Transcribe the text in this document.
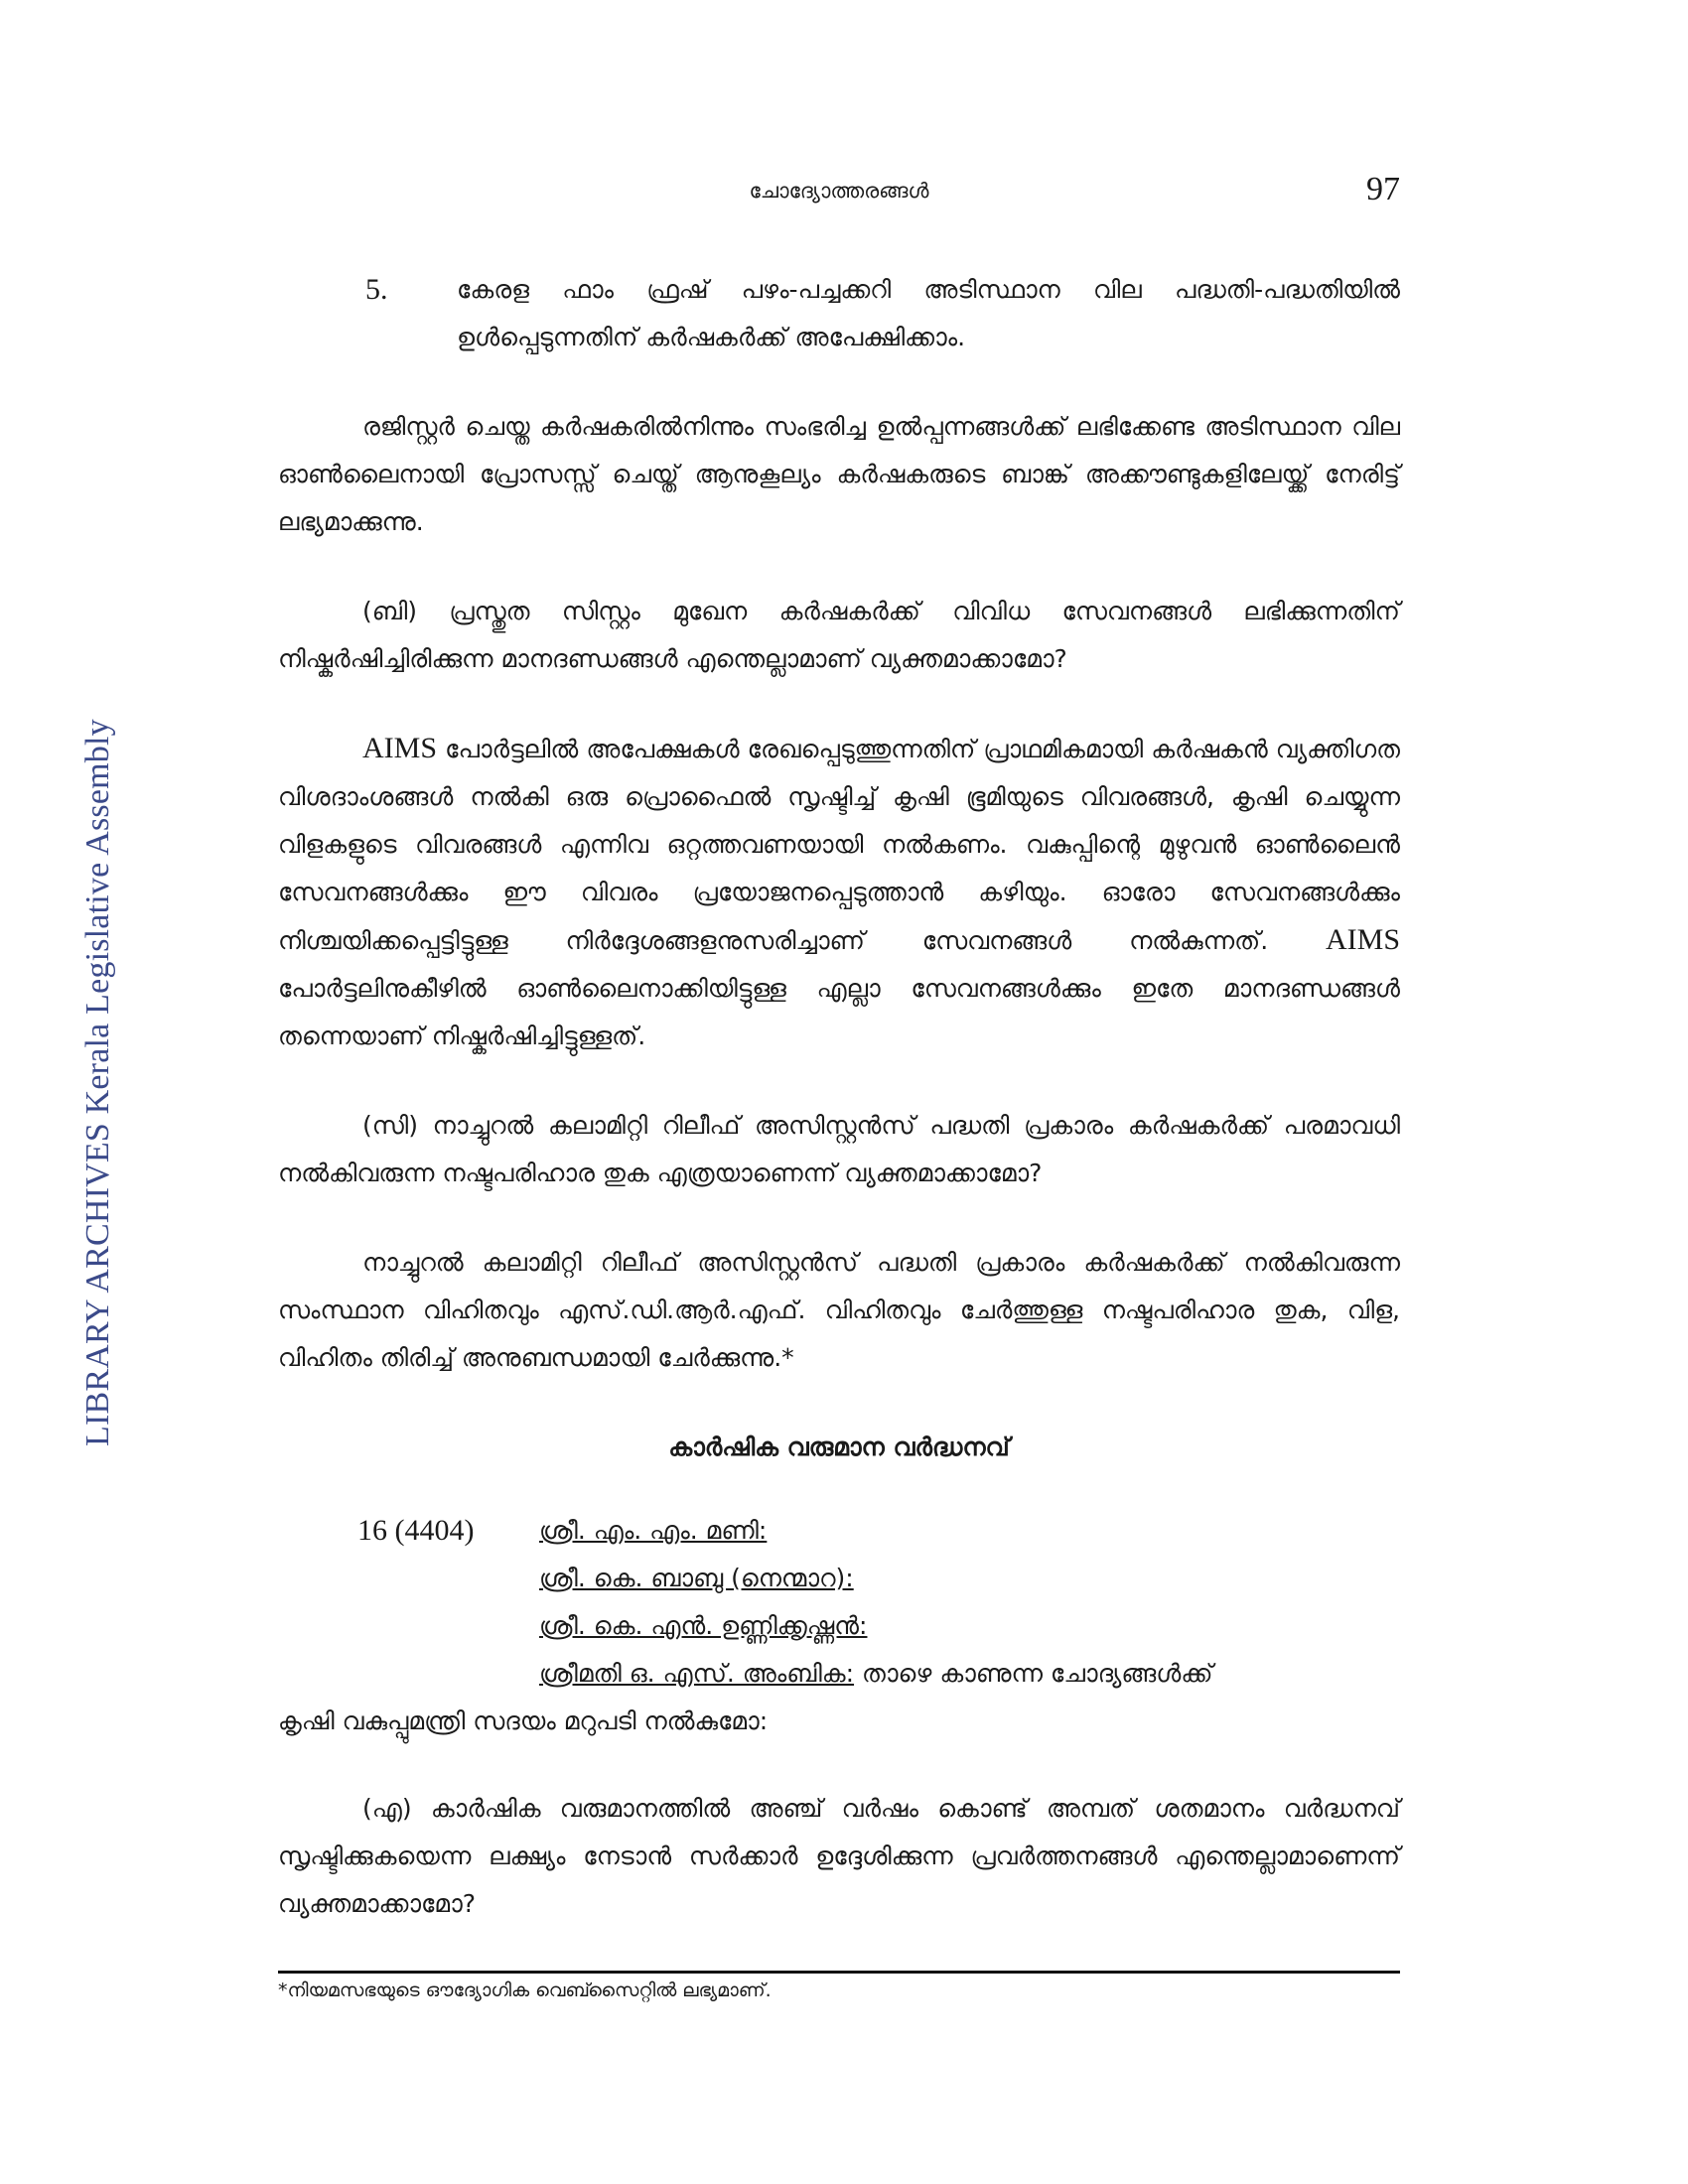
LIBRARY ARCHIVES Kerala Legislative Assembly
ചോദ്യോത്തരങ്ങൾ	97

5.	കേരള ഫാം ഫ്രഷ് പഴം-പച്ചക്കറി അടിസ്ഥാന വില പദ്ധതി-പദ്ധതിയിൽ ഉൾപ്പെടുന്നതിന് കർഷകർക്ക് അപേക്ഷിക്കാം.

രജിസ്റ്റർ ചെയ്ത കർഷകരിൽനിന്നും സംഭരിച്ച ഉൽപ്പന്നങ്ങൾക്ക് ലഭിക്കേണ്ട അടിസ്ഥാന വില ഓൺലൈനായി പ്രോസസ്സ് ചെയ്ത് ആനുകൂല്യം കർഷകരുടെ ബാങ്ക് അക്കൗണ്ടുകളിലേയ്ക്ക് നേരിട്ട് ലഭ്യമാക്കുന്നു.

(ബി) പ്രസ്തുത സിസ്റ്റം മുഖേന കർഷകർക്ക് വിവിധ സേവനങ്ങൾ ലഭിക്കുന്നതിന് നിഷ്കർഷിച്ചിരിക്കുന്ന മാനദണ്ഡങ്ങൾ എന്തെല്ലാമാണ് വ്യക്തമാക്കാമോ?

AIMS പോർട്ടലിൽ അപേക്ഷകൾ രേഖപ്പെടുത്തുന്നതിന് പ്രാഥമികമായി കർഷകൻ വ്യക്തിഗത വിശദാംശങ്ങൾ നൽകി ഒരു പ്രൊഫൈൽ സൃഷ്ടിച്ച് കൃഷി ഭൂമിയുടെ വിവരങ്ങൾ, കൃഷി ചെയ്യുന്ന വിളകളുടെ വിവരങ്ങൾ എന്നിവ ഒറ്റത്തവണയായി നൽകണം. വകുപ്പിന്റെ മുഴുവൻ ഓൺലൈൻ സേവനങ്ങൾക്കും ഈ വിവരം പ്രയോജനപ്പെടുത്താൻ കഴിയും. ഓരോ സേവനങ്ങൾക്കും നിശ്ചയിക്കപ്പെട്ടിട്ടുള്ള നിർദ്ദേശങ്ങളനുസരിച്ചാണ് സേവനങ്ങൾ നൽകുന്നത്. AIMS പോർട്ടലിനുകീഴിൽ ഓൺലൈനാക്കിയിട്ടുള്ള എല്ലാ സേവനങ്ങൾക്കും ഇതേ മാനദണ്ഡങ്ങൾ തന്നെയാണ് നിഷ്കർഷിച്ചിട്ടുള്ളത്.

(സി) നാച്ചുറൽ കലാമിറ്റി റിലീഫ് അസിസ്റ്റൻസ് പദ്ധതി പ്രകാരം കർഷകർക്ക് പരമാവധി നൽകിവരുന്ന നഷ്ടപരിഹാര തുക എത്രയാണെന്ന് വ്യക്തമാക്കാമോ?

നാച്ചുറൽ കലാമിറ്റി റിലീഫ് അസിസ്റ്റൻസ് പദ്ധതി പ്രകാരം കർഷകർക്ക് നൽകിവരുന്ന സംസ്ഥാന വിഹിതവും എസ്.ഡി.ആർ.എഫ്. വിഹിതവും ചേർത്തുള്ള നഷ്ടപരിഹാര തുക, വിള, വിഹിതം തിരിച്ച് അനുബന്ധമായി ചേർക്കുന്നു.*

കാർഷിക വരുമാന വർദ്ധനവ്
16 (4404)	ശ്രീ. എം. എം. മണി:
ശ്രീ. കെ. ബാബു (നെന്മാറ):
ശ്രീ. കെ. എൻ. ഉണ്ണിക്കൃഷ്ണൻ:
ശ്രീമതി ഒ. എസ്. അംബിക: താഴെ കാണുന്ന ചോദ്യങ്ങൾക്ക്
കൃഷി വകുപ്പുമന്ത്രി സദയം മറുപടി നൽകുമോ:

(എ) കാർഷിക വരുമാനത്തിൽ അഞ്ച് വർഷം കൊണ്ട് അമ്പത് ശതമാനം വർദ്ധനവ് സൃഷ്ടിക്കുകയെന്ന ലക്ഷ്യം നേടാൻ സർക്കാർ ഉദ്ദേശിക്കുന്ന പ്രവർത്തനങ്ങൾ എന്തെല്ലാമാണെന്ന് വ്യക്തമാക്കാമോ?

*നിയമസഭയുടെ ഔദ്യോഗിക വെബ്സൈറ്റിൽ ലഭ്യമാണ്.
